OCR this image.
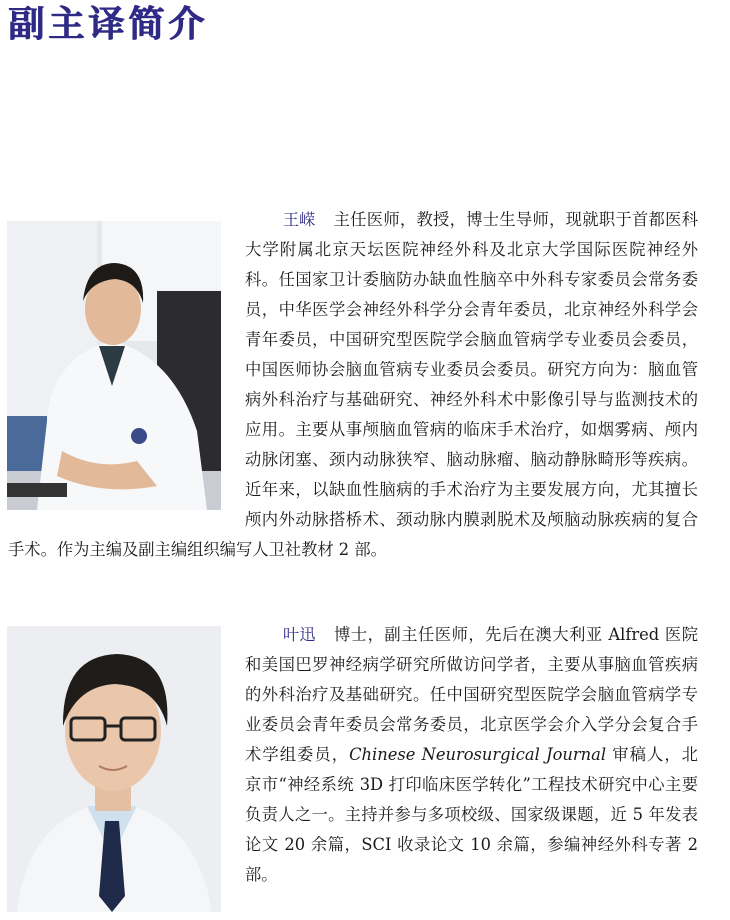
副主译简介

王嵘 主任医师，教授，博士生导师，现就职于首都医科大学附属北京天坛医院神经外科及北京大学国际医院神经外科。任国家卫计委脑防办缺血性脑卒中外科专家委员会常务委员，中华医学会神经外科学分会青年委员，北京神经外科学会青年委员，中国研究型医院学会脑血管病学专业委员会委员，中国医师协会脑血管病专业委员会委员。研究方向为：脑血管病外科治疗与基础研究、神经外科术中影像引导与监测技术的应用。主要从事颅脑血管病的临床手术治疗，如烟雾病、颅内动脉闭塞、颈内动脉狭窄、脑动脉瘤、脑动静脉畸形等疾病。近年来，以缺血性脑病的手术治疗为主要发展方向，尤其擅长颅内外动脉搭桥术、颈动脉内膜剥脱术及颅脑动脉疾病的复合手术。作为主编及副主编组织编写人卫社教材 2 部。

叶迅 博士，副主任医师，先后在澳大利亚 Alfred 医院和美国巴罗神经病学研究所做访问学者，主要从事脑血管疾病的外科治疗及基础研究。任中国研究型医院学会脑血管病学专业委员会青年委员会常务委员，北京医学会介入学分会复合手术学组委员，Chinese Neurosurgical Journal 审稿人，北京市“神经系统 3D 打印临床医学转化”工程技术研究中心主要负责人之一。主持并参与多项校级、国家级课题，近 5 年发表论文 20 余篇，SCI 收录论文 10 余篇，参编神经外科专著 2 部。
